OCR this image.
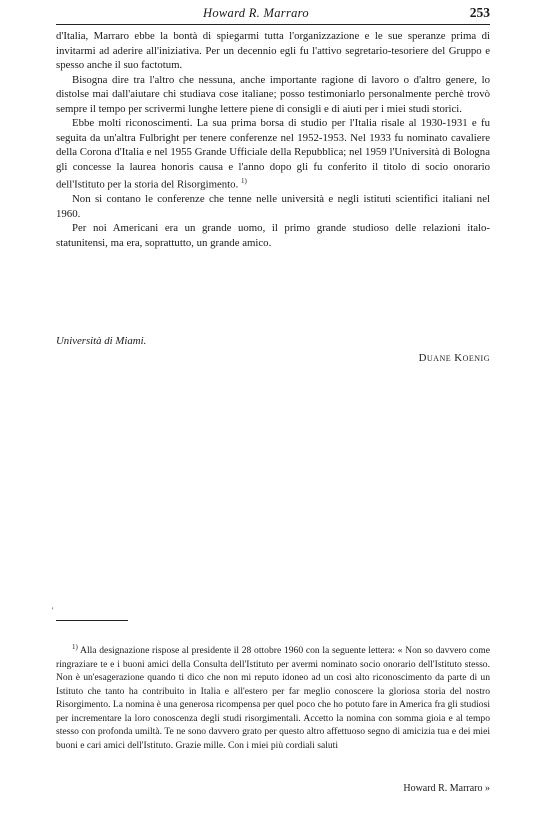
Howard R. Marraro	253

d'Italia, Marraro ebbe la bontà di spiegarmi tutta l'organizzazione e le sue speranze prima di invitarmi ad aderire all'iniziativa. Per un decennio egli fu l'attivo segretario-tesoriere del Gruppo e spesso anche il suo factotum.

Bisogna dire tra l'altro che nessuna, anche importante ragione di lavoro o d'altro genere, lo distolse mai dall'aiutare chi studiava cose italiane; posso testimoniarlo personalmente perchè trovò sempre il tempo per scrivermi lunghe lettere piene di consigli e di aiuti per i miei studi storici.

Ebbe molti riconoscimenti. La sua prima borsa di studio per l'Italia risale al 1930-1931 e fu seguita da un'altra Fulbright per tenere conferenze nel 1952-1953. Nel 1933 fu nominato cavaliere della Corona d'Italia e nel 1955 Grande Ufficiale della Repubblica; nel 1959 l'Università di Bologna gli concesse la laurea honoris causa e l'anno dopo gli fu conferito il titolo di socio onorario dell'Istituto per la storia del Risorgimento. $^{1)}$

Non si contano le conferenze che tenne nelle università e negli istituti scientifici italiani nel 1960.

Per noi Americani era un grande uomo, il primo grande studioso delle relazioni italo-statunitensi, ma era, soprattutto, un grande amico.

Università di Miami.
Duane Koenig
'

$^{1)}$ Alla designazione rispose al presidente il 28 ottobre 1960 con la seguente lettera: « Non so davvero come ringraziare te e i buoni amici della Consulta dell'Istituto per avermi nominato socio onorario dell'Istituto stesso. Non è un'esagerazione quando ti dico che non mi reputo idoneo ad un così alto riconoscimento da parte di un Istituto che tanto ha contribuito in Italia e all'estero per far meglio conoscere la gloriosa storia del nostro Risorgimento. La nomina è una generosa ricompensa per quel poco che ho potuto fare in America fra gli studiosi per incrementare la loro conoscenza degli studi risorgimentali. Accetto la nomina con somma gioia e al tempo stesso con profonda umiltà. Te ne sono davvero grato per questo altro affettuoso segno di amicizia tua e dei miei buoni e cari amici dell'Istituto. Grazie mille. Con i miei più cordiali saluti

Howard R. Marraro »
